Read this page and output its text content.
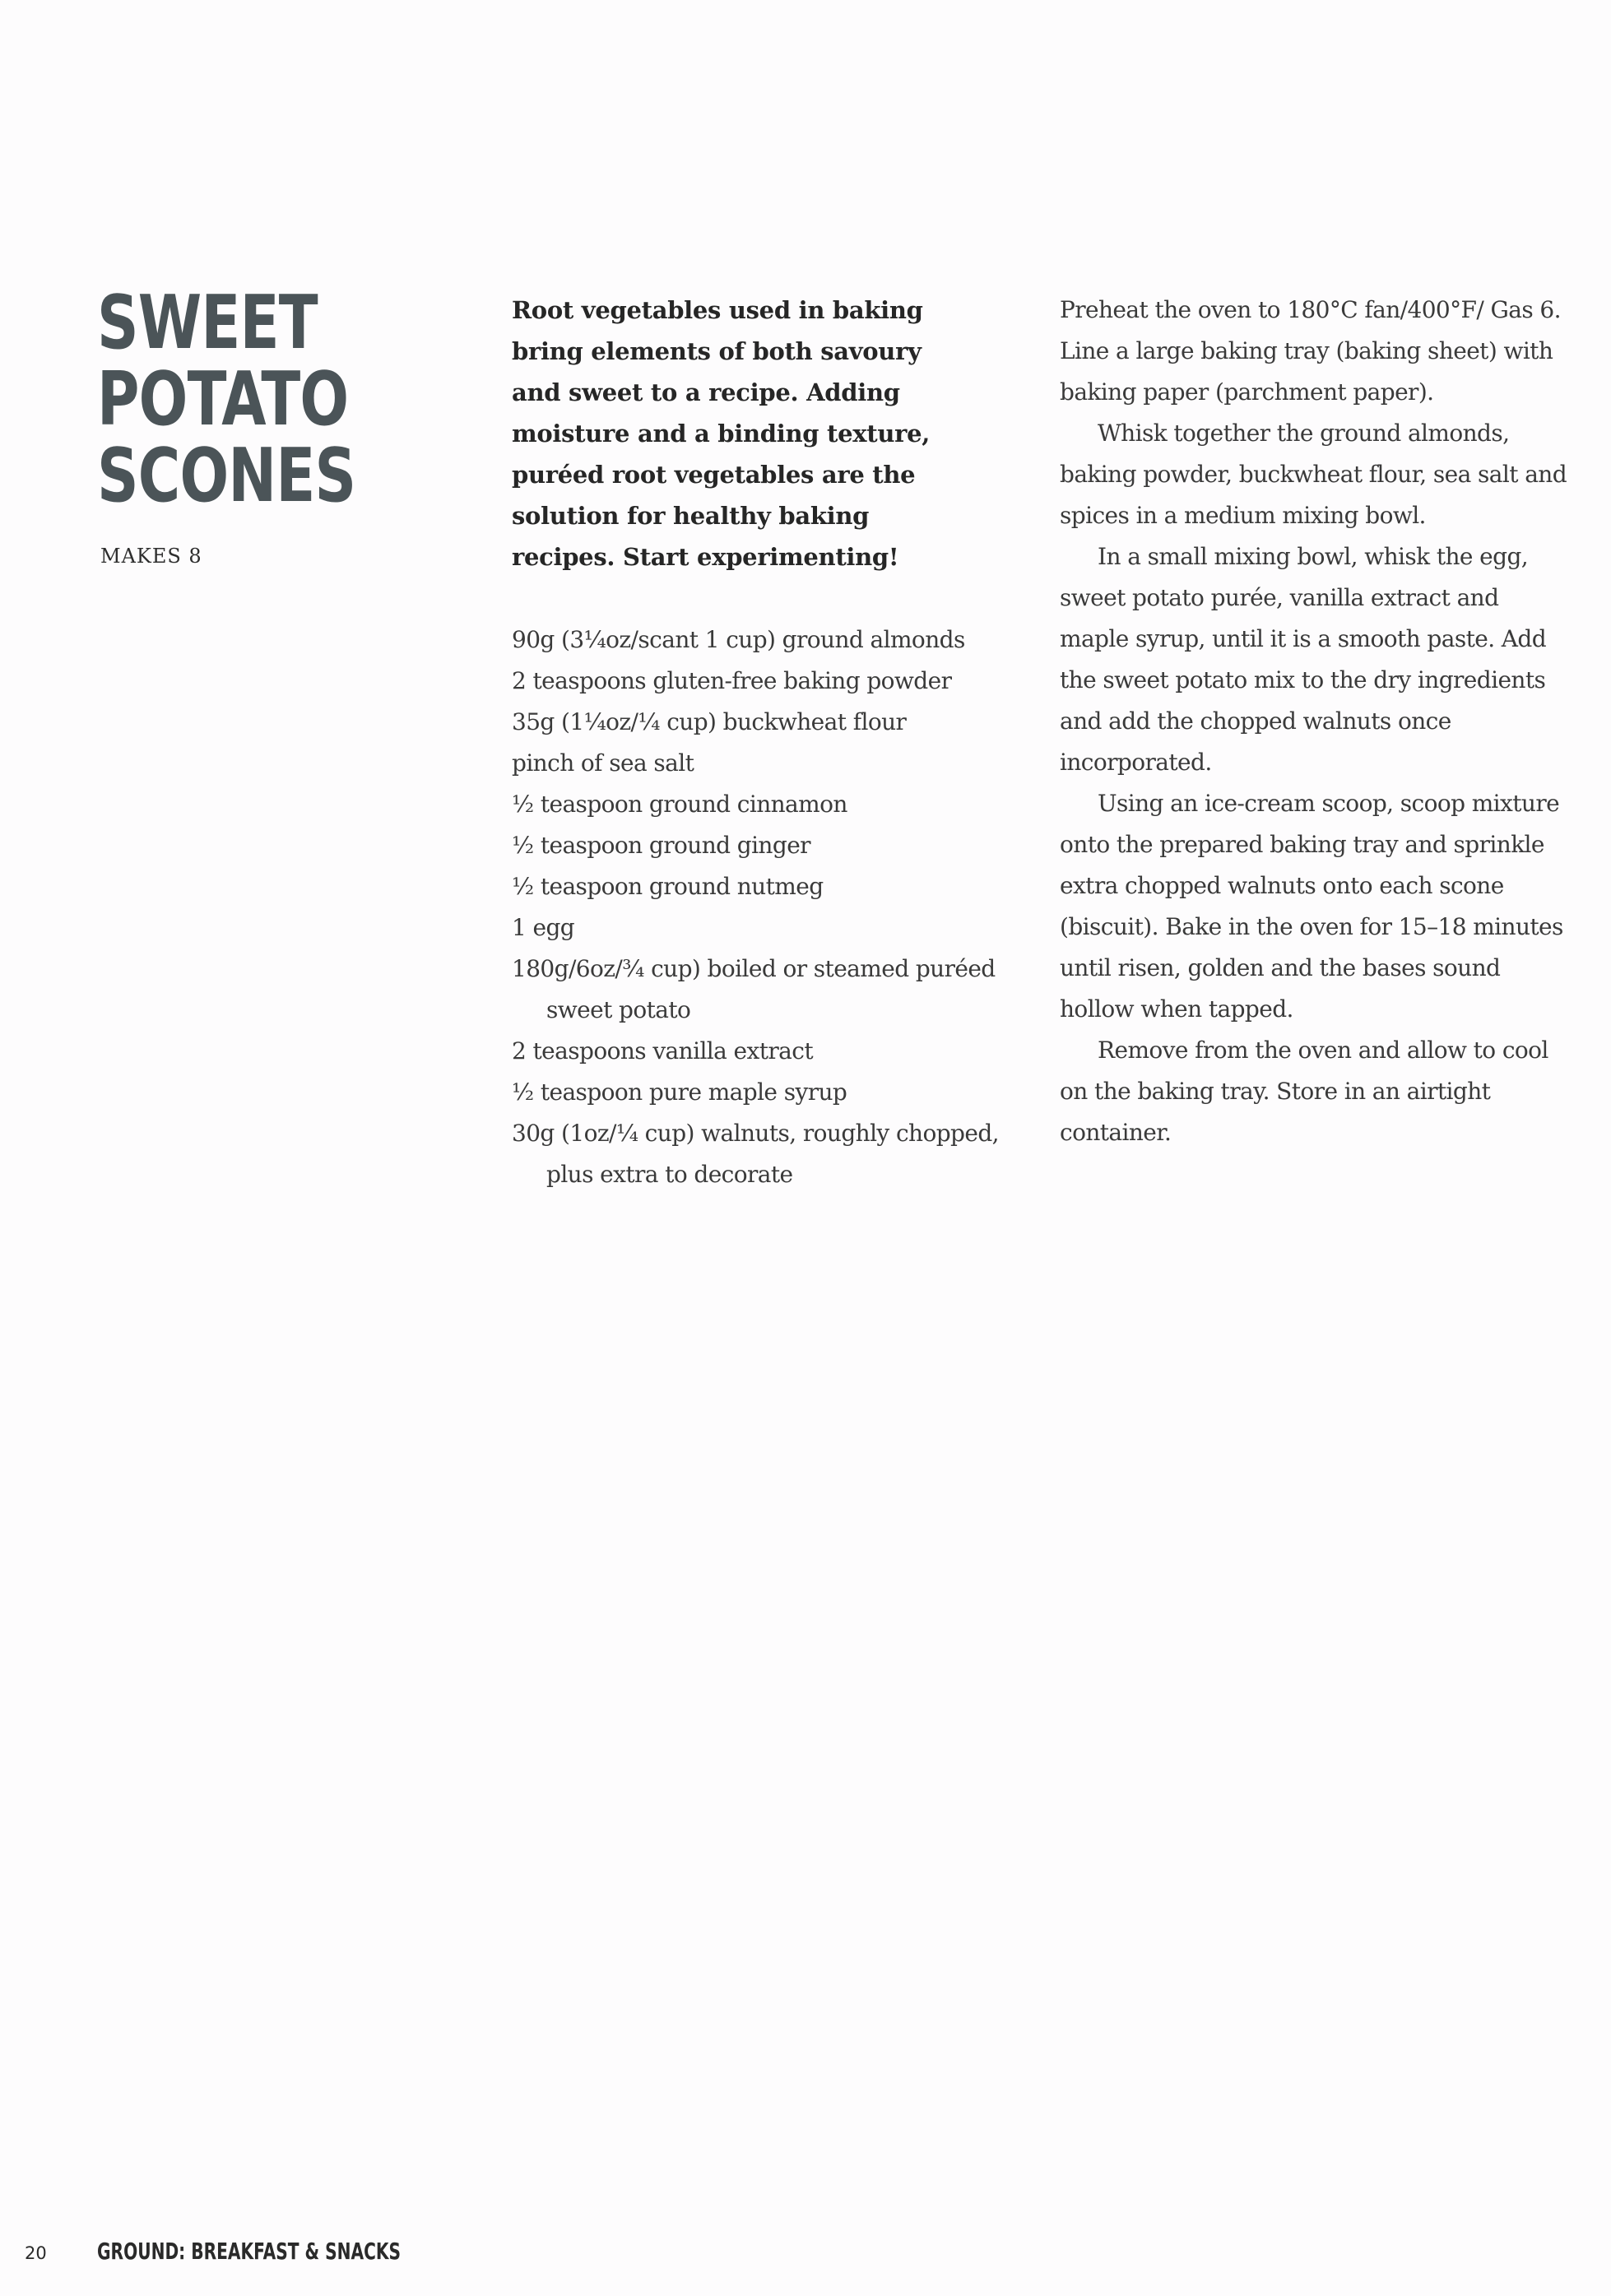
SWEET
POTATO
SCONES
MAKES 8

Root vegetables used in baking bring elements of both savoury and sweet to a recipe. Adding moisture and a binding texture, puréed root vegetables are the solution for healthy baking recipes. Start experimenting!

90g (3¼oz/scant 1 cup) ground almonds
2 teaspoons gluten-free baking powder
35g (1¼oz/¼ cup) buckwheat flour
pinch of sea salt
½ teaspoon ground cinnamon
½ teaspoon ground ginger
½ teaspoon ground nutmeg
1 egg
180g/6oz/¾ cup) boiled or steamed puréed sweet potato
2 teaspoons vanilla extract
½ teaspoon pure maple syrup
30g (1oz/¼ cup) walnuts, roughly chopped, plus extra to decorate

Preheat the oven to 180°C fan/400°F/ Gas 6. Line a large baking tray (baking sheet) with baking paper (parchment paper).

Whisk together the ground almonds, baking powder, buckwheat flour, sea salt and spices in a medium mixing bowl.

In a small mixing bowl, whisk the egg, sweet potato purée, vanilla extract and maple syrup, until it is a smooth paste. Add the sweet potato mix to the dry ingredients and add the chopped walnuts once incorporated.

Using an ice-cream scoop, scoop mixture onto the prepared baking tray and sprinkle extra chopped walnuts onto each scone (biscuit). Bake in the oven for 15–18 minutes until risen, golden and the bases sound hollow when tapped.

Remove from the oven and allow to cool on the baking tray. Store in an airtight container.

20 GROUND: BREAKFAST & SNACKS
